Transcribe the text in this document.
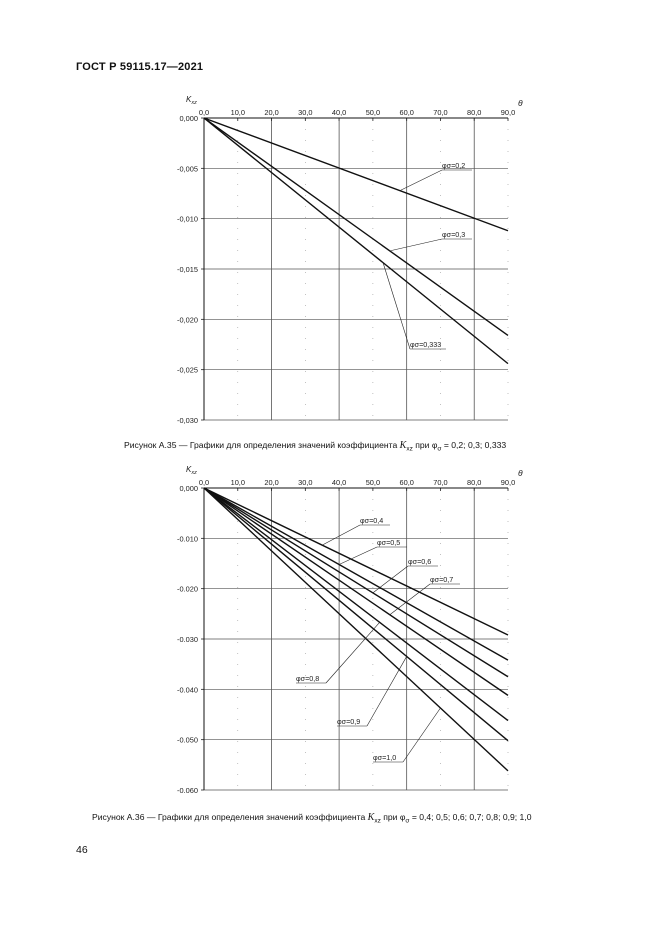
ГОСТ Р 59115.17—2021
0,0	10,0	20,0	30,0	40,0	50,0	60,0	70,0	80,0	90,0
0,000
-0,005
-0,010
-0,015
-0,020
-0,025
-0,030
θ
$K_{xz}$
φσ=0,2
φσ=0,3
φσ=0,333
Рисунок А.35 — Графики для определения значений коэффициента $K_{xz}$ при $\varphi_\sigma = 0,2$; 0,3; 0,333
0,0	10,0	20,0	30,0	40,0	50,0	60,0	70,0	80,0	90,0
0,000
-0.010
-0.020
-0.030
-0.040
-0.050
-0.060
θ
$K_{xz}$
φσ=0,4
φσ=0,5
φσ=0,6
φσ=0,7
φσ=0,8
φσ=0,9
φσ=1,0
Рисунок А.36 — Графики для определения значений коэффициента $K_{xz}$ при $\varphi_\sigma = 0,4$; 0,5; 0,6; 0,7; 0,8; 0,9; 1,0
46
